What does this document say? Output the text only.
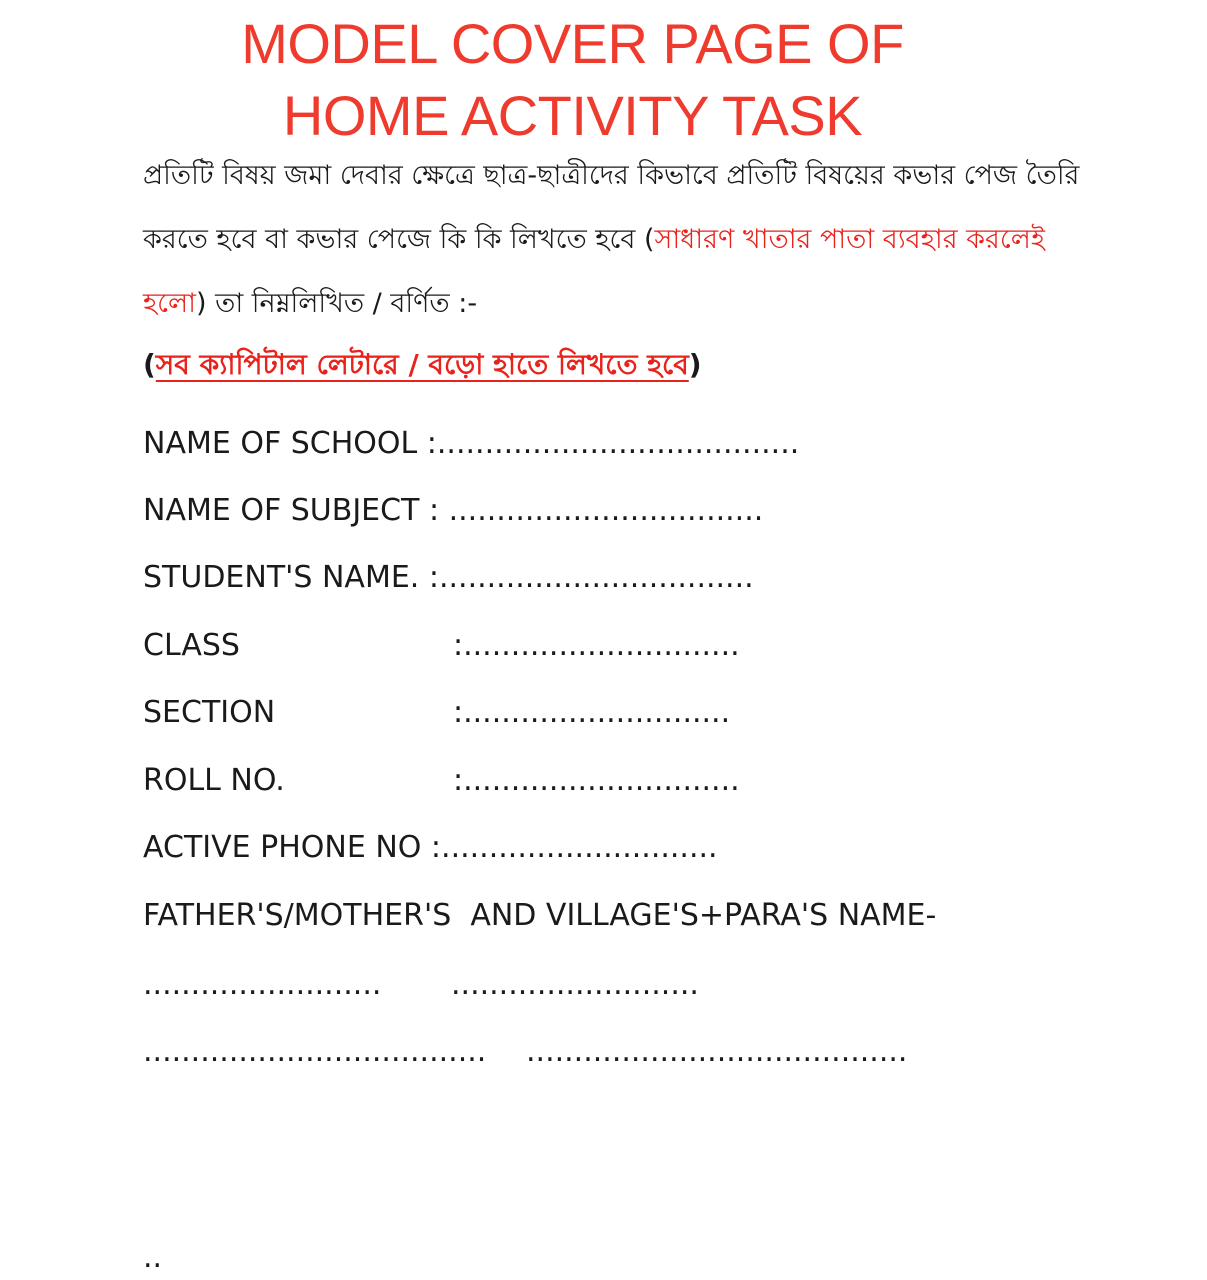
MODEL COVER PAGE OF
HOME ACTIVITY TASK
প্রতিটি বিষয় জমা দেবার ক্ষেত্রে ছাত্র-ছাত্রীদের কিভাবে প্রতিটি বিষয়ের কভার পেজ তৈরি করতে হবে বা কভার পেজে কি কি লিখতে হবে (সাধারণ খাতার পাতা ব্যবহার করলেই হলো) তা নিম্নলিখিত / বর্ণিত :-
(সব ক্যাপিটাল লেটারে / বড়ো হাতে লিখতে হবে)
NAME OF SCHOOL :......................................
NAME OF SUBJECT : .................................
STUDENT'S NAME. :.................................
CLASS	:.............................
SECTION	:............................
ROLL NO.	:.............................
ACTIVE PHONE NO :.............................
FATHER'S/MOTHER'S  AND VILLAGE'S+PARA'S NAME-
......................... ..........................
.................................... ........................................
..
